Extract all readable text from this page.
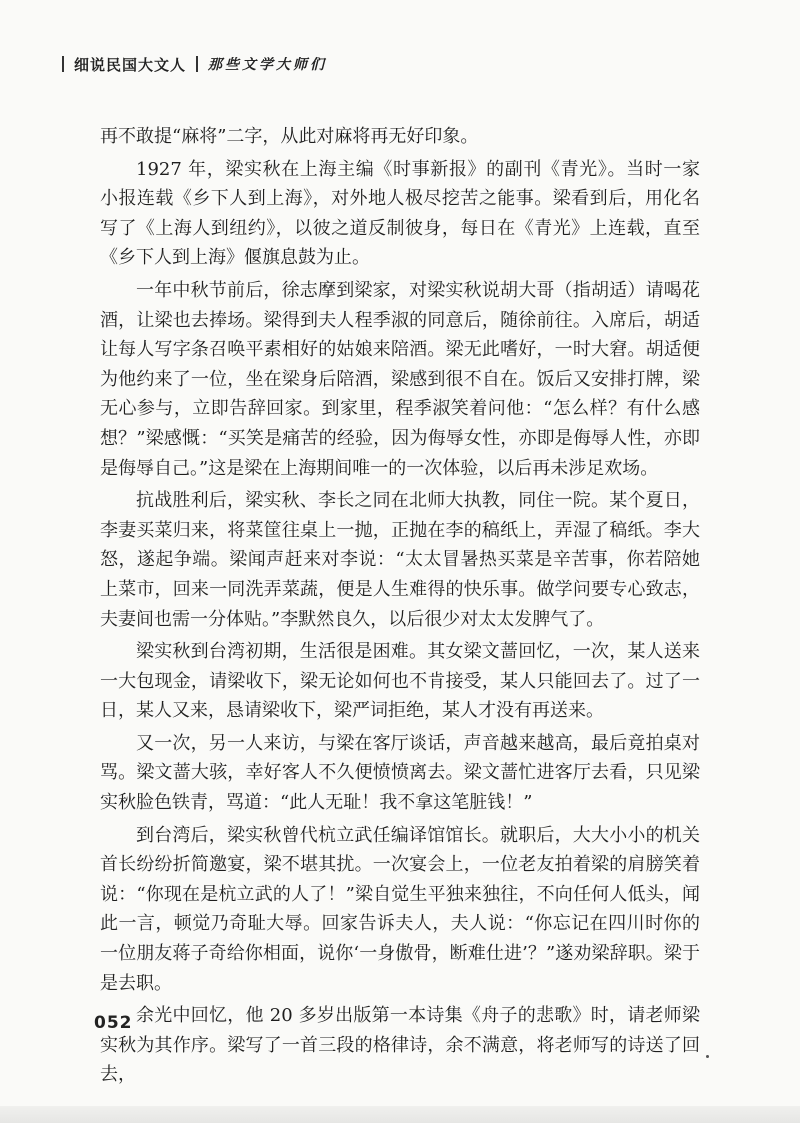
细说民国大文人 那些文学大师们

再不敢提“麻将”二字，从此对麻将再无好印象。

1927 年，梁实秋在上海主编《时事新报》的副刊《青光》。当时一家小报连载《乡下人到上海》，对外地人极尽挖苦之能事。梁看到后，用化名写了《上海人到纽约》，以彼之道反制彼身，每日在《青光》上连载，直至《乡下人到上海》偃旗息鼓为止。

一年中秋节前后，徐志摩到梁家，对梁实秋说胡大哥（指胡适）请喝花酒，让梁也去捧场。梁得到夫人程季淑的同意后，随徐前往。入席后，胡适让每人写字条召唤平素相好的姑娘来陪酒。梁无此嗜好，一时大窘。胡适便为他约来了一位，坐在梁身后陪酒，梁感到很不自在。饭后又安排打牌，梁无心参与，立即告辞回家。到家里，程季淑笑着问他：“怎么样？有什么感想？”梁感慨：“买笑是痛苦的经验，因为侮辱女性，亦即是侮辱人性，亦即是侮辱自己。”这是梁在上海期间唯一的一次体验，以后再未涉足欢场。

抗战胜利后，梁实秋、李长之同在北师大执教，同住一院。某个夏日，李妻买菜归来，将菜筐往桌上一抛，正抛在李的稿纸上，弄湿了稿纸。李大怒，遂起争端。梁闻声赶来对李说：“太太冒暑热买菜是辛苦事，你若陪她上菜市，回来一同洗弄菜蔬，便是人生难得的快乐事。做学问要专心致志，夫妻间也需一分体贴。”李默然良久，以后很少对太太发脾气了。

梁实秋到台湾初期，生活很是困难。其女梁文蔷回忆，一次，某人送来一大包现金，请梁收下，梁无论如何也不肯接受，某人只能回去了。过了一日，某人又来，恳请梁收下，梁严词拒绝，某人才没有再送来。

又一次，另一人来访，与梁在客厅谈话，声音越来越高，最后竟拍桌对骂。梁文蔷大骇，幸好客人不久便愤愤离去。梁文蔷忙进客厅去看，只见梁实秋脸色铁青，骂道：“此人无耻！我不拿这笔脏钱！”

到台湾后，梁实秋曾代杭立武任编译馆馆长。就职后，大大小小的机关首长纷纷折简邀宴，梁不堪其扰。一次宴会上，一位老友拍着梁的肩膀笑着说：“你现在是杭立武的人了！”梁自觉生平独来独往，不向任何人低头，闻此一言，顿觉乃奇耻大辱。回家告诉夫人，夫人说：“你忘记在四川时你的一位朋友蒋子奇给你相面，说你‘一身傲骨，断难仕进’？”遂劝梁辞职。梁于是去职。

余光中回忆，他 20 多岁出版第一本诗集《舟子的悲歌》时，请老师梁实秋为其作序。梁写了一首三段的格律诗，余不满意，将老师写的诗送了回去，

052
